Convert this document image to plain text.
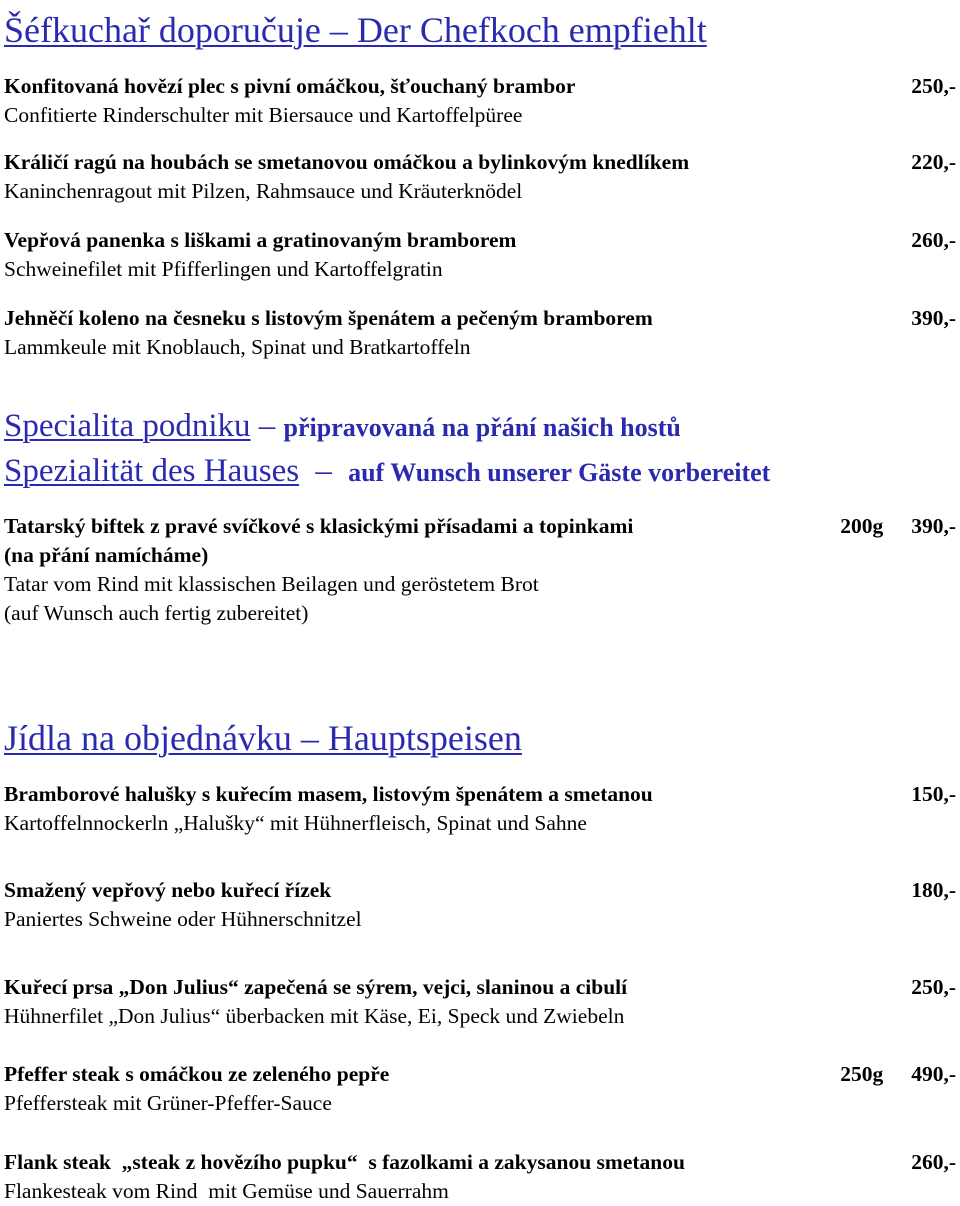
Šéfkuchař doporučuje – Der Chefkoch empfiehlt
Konfitovaná hovězí plec s pivní omáčkou, šťouchaný brambor	250,-
Confitierte Rinderschulter mit Biersauce und Kartoffelpüree
Králičí ragú na houbách se smetanovou omáčkou a bylinkovým knedlíkem	220,-
Kaninchenragout mit Pilzen, Rahmsauce und Kräuterknödel
Vepřová panenka s liškami a gratinovaným bramborem	260,-
Schweinefilet mit Pfifferlingen und Kartoffelgratin
Jehněčí koleno na česneku s listovým špenátem a pečeným bramborem	390,-
Lammkeule mit Knoblauch, Spinat und Bratkartoffeln
Specialita podniku – připravovaná na přání našich hostů
Spezialität des Hauses – auf Wunsch unserer Gäste vorbereitet
Tatarský biftek z pravé svíčkové s klasickými přísadami a topinkami	200g 390,-
(na přání namícháme)
Tatar vom Rind mit klassischen Beilagen und geröstetem Brot
(auf Wunsch auch fertig zubereitet)
Jídla na objednávku – Hauptspeisen
Bramborové halušky s kuřecím masem, listovým špenátem a smetanou	150,-
Kartoffelnnockerln „Halušky“ mit Hühnerfleisch, Spinat und Sahne
Smažený vepřový nebo kuřecí řízek	180,-
Paniertes Schweine oder Hühnerschnitzel
Kuřecí prsa „Don Julius“ zapečená se sýrem, vejci, slaninou a cibulí	250,-
Hühnerfilet „Don Julius“ überbacken mit Käse, Ei, Speck und Zwiebeln
Pfeffer steak s omáčkou ze zeleného pepře	250g 490,-
Pfeffersteak mit Grüner-Pfeffer-Sauce
Flank steak  „steak z hovězího pupku“  s fazolkami a zakysanou smetanou	260,-
Flankesteak vom Rind  mit Gemüse und Sauerrahm
